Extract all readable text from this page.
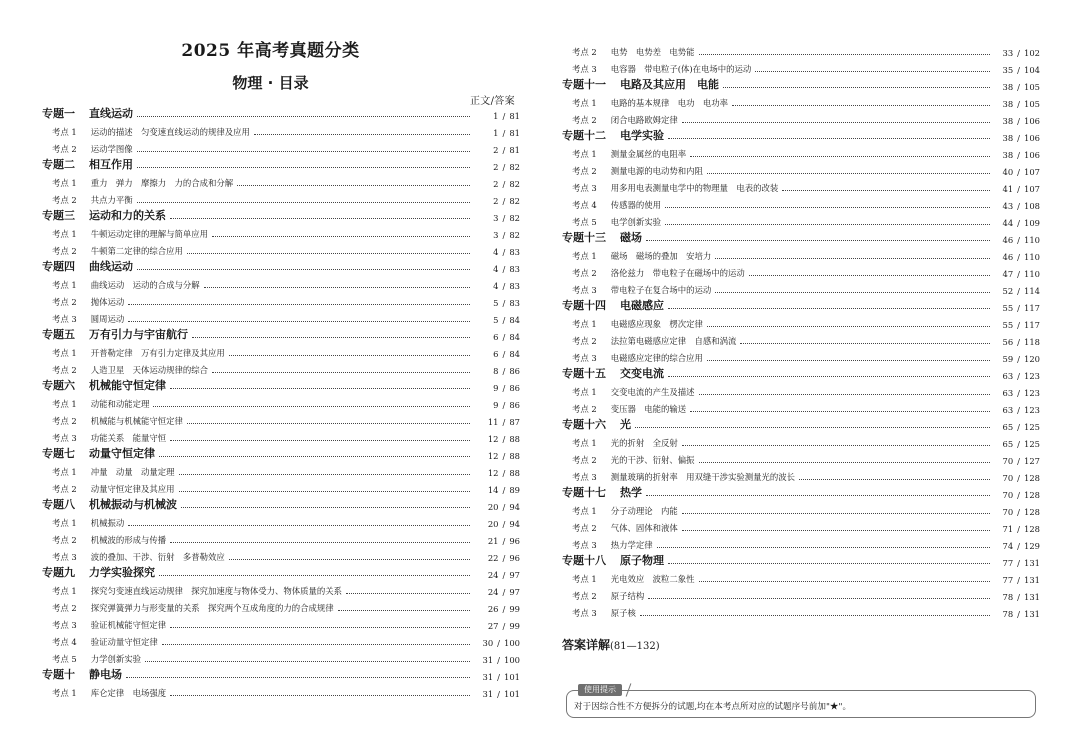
2025 年高考真题分类
物理 · 目录
正文/答案
专题一 直线运动	1 / 81
考点 1 运动的描述　匀变速直线运动的规律及应用	1 / 81
考点 2 运动学图像	2 / 81
专题二 相互作用	2 / 82
考点 1 重力　弹力　摩擦力　力的合成和分解	2 / 82
考点 2 共点力平衡	2 / 82
专题三 运动和力的关系	3 / 82
考点 1 牛顿运动定律的理解与简单应用	3 / 82
考点 2 牛顿第二定律的综合应用	4 / 83
专题四 曲线运动	4 / 83
考点 1 曲线运动　运动的合成与分解	4 / 83
考点 2 抛体运动	5 / 83
考点 3 圆周运动	5 / 84
专题五 万有引力与宇宙航行	6 / 84
考点 1 开普勒定律　万有引力定律及其应用	6 / 84
考点 2 人造卫星　天体运动规律的综合	8 / 86
专题六 机械能守恒定律	9 / 86
考点 1 动能和动能定理	9 / 86
考点 2 机械能与机械能守恒定律	11 / 87
考点 3 功能关系　能量守恒	12 / 88
专题七 动量守恒定律	12 / 88
考点 1 冲量　动量　动量定理	12 / 88
考点 2 动量守恒定律及其应用	14 / 89
专题八 机械振动与机械波	20 / 94
考点 1 机械振动	20 / 94
考点 2 机械波的形成与传播	21 / 96
考点 3 波的叠加、干涉、衍射　多普勒效应	22 / 96
专题九 力学实验探究	24 / 97
考点 1 探究匀变速直线运动规律　探究加速度与物体受力、物体质量的关系	24 / 97
考点 2 探究弹簧弹力与形变量的关系　探究两个互成角度的力的合成规律	26 / 99
考点 3 验证机械能守恒定律	27 / 99
考点 4 验证动量守恒定律	30 / 100
考点 5 力学创新实验	31 / 100
专题十 静电场	31 / 101
考点 1 库仑定律　电场强度	31 / 101
考点 2 电势　电势差　电势能	33 / 102
考点 3 电容器　带电粒子(体)在电场中的运动	35 / 104
专题十一 电路及其应用　电能	38 / 105
考点 1 电路的基本规律　电功　电功率	38 / 105
考点 2 闭合电路欧姆定律	38 / 106
专题十二 电学实验	38 / 106
考点 1 测量金属丝的电阻率	38 / 106
考点 2 测量电源的电动势和内阻	40 / 107
考点 3 用多用电表测量电学中的物理量　电表的改装	41 / 107
考点 4 传感器的使用	43 / 108
考点 5 电学创新实验	44 / 109
专题十三 磁场	46 / 110
考点 1 磁场　磁场的叠加　安培力	46 / 110
考点 2 洛伦兹力　带电粒子在磁场中的运动	47 / 110
考点 3 带电粒子在复合场中的运动	52 / 114
专题十四 电磁感应	55 / 117
考点 1 电磁感应现象　楞次定律	55 / 117
考点 2 法拉第电磁感应定律　自感和涡流	56 / 118
考点 3 电磁感应定律的综合应用	59 / 120
专题十五 交变电流	63 / 123
考点 1 交变电流的产生及描述	63 / 123
考点 2 变压器　电能的输送	63 / 123
专题十六 光	65 / 125
考点 1 光的折射　全反射	65 / 125
考点 2 光的干涉、衍射、偏振	70 / 127
考点 3 测量玻璃的折射率　用双缝干涉实验测量光的波长	70 / 128
专题十七 热学	70 / 128
考点 1 分子动理论　内能	70 / 128
考点 2 气体、固体和液体	71 / 128
考点 3 热力学定律	74 / 129
专题十八 原子物理	77 / 131
考点 1 光电效应　波粒二象性	77 / 131
考点 2 原子结构	78 / 131
考点 3 原子核	78 / 131
答案详解(81—132)
使用提示
对于因综合性不方便拆分的试题,均在本考点所对应的试题序号前加"★"。
